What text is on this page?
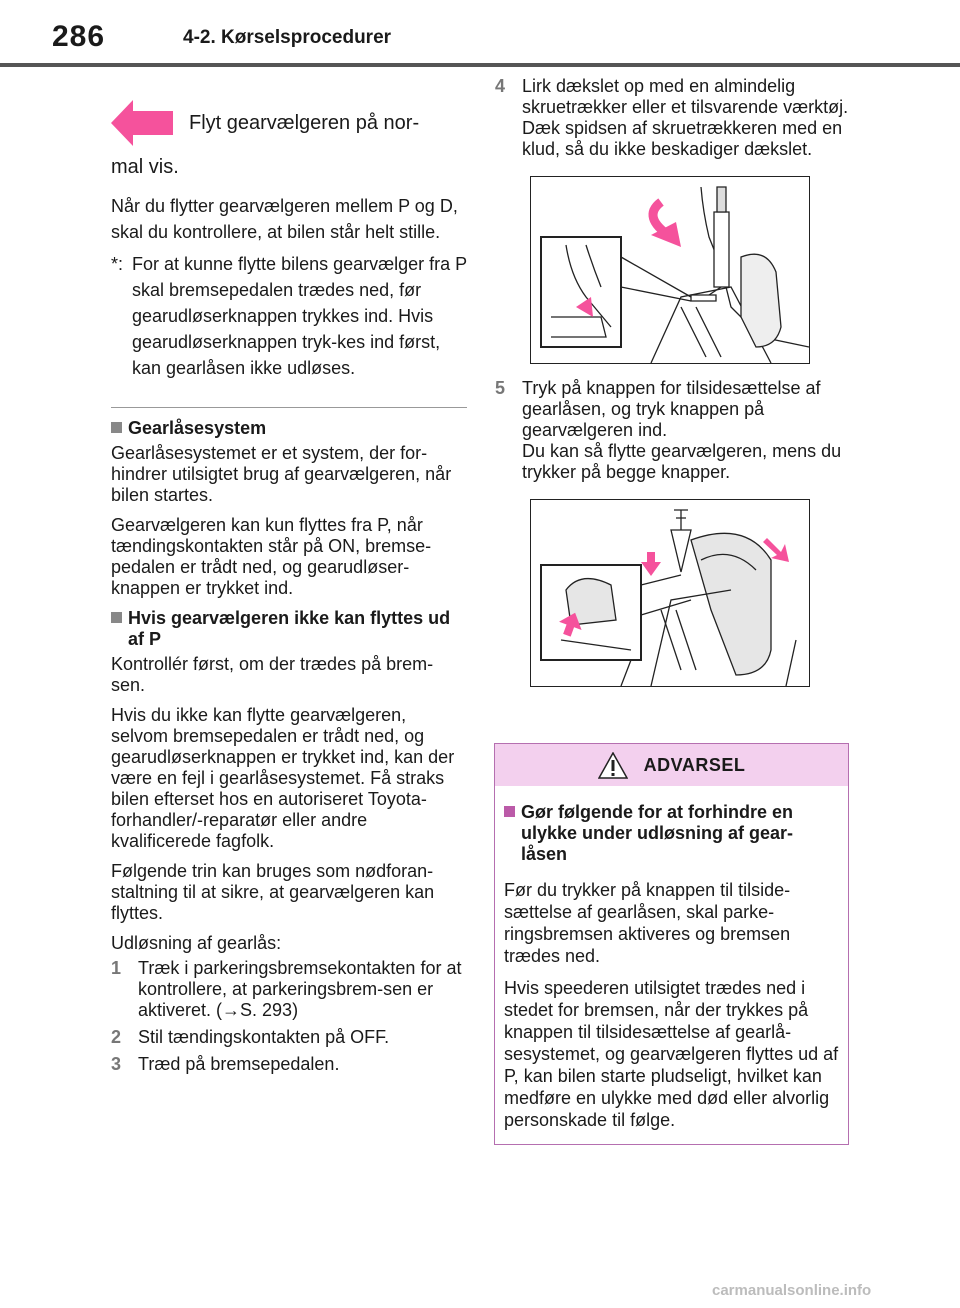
286	4-2. Kørselsprocedurer
Flyt gearvælgeren på nor-
mal vis.

Når du flytter gearvælgeren mellem P og D, skal du kontrollere, at bilen står helt stille.

*: For at kunne flytte bilens gearvælger fra P skal bremsepedalen trædes ned, før gearudløserknappen trykkes ind. Hvis gearudløserknappen tryk-kes ind først, kan gearlåsen ikke udløses.
Gearlåsesystem

Gearlåsesystemet er et system, der for-hindrer utilsigtet brug af gearvælgeren, når bilen startes.

Gearvælgeren kan kun flyttes fra P, når tændingskontakten står på ON, bremse-pedalen er trådt ned, og gearudløser-knappen er trykket ind.

Hvis gearvælgeren ikke kan flyttes ud af P

Kontrollér først, om der trædes på brem-sen.

Hvis du ikke kan flytte gearvælgeren, selvom bremsepedalen er trådt ned, og gearudløserknappen er trykket ind, kan der være en fejl i gearlåsesystemet. Få straks bilen efterset hos en autoriseret Toyota-forhandler/-reparatør eller andre kvalificerede fagfolk.

Følgende trin kan bruges som nødforan-staltning til at sikre, at gearvælgeren kan flyttes.

Udløsning af gearlås:

1 Træk i parkeringsbremsekontakten for at kontrollere, at parkeringsbrem-sen er aktiveret. (→S. 293)
2 Stil tændingskontakten på OFF.
3 Træd på bremsepedalen.
4 Lirk dækslet op med en almindelig skruetrækker eller et tilsvarende værktøj.
Dæk spidsen af skruetrækkeren med en klud, så du ikke beskadiger dækslet.
5 Tryk på knappen for tilsidesættelse af gearlåsen, og tryk knappen på gearvælgeren ind.
Du kan så flytte gearvælgeren, mens du trykker på begge knapper.
ADVARSEL
Gør følgende for at forhindre en ulykke under udløsning af gear-låsen

Før du trykker på knappen til tilside-sættelse af gearlåsen, skal parke-ringsbremsen aktiveres og bremsen trædes ned.

Hvis speederen utilsigtet trædes ned i stedet for bremsen, når der trykkes på knappen til tilsidesættelse af gearlå-sesystemet, og gearvælgeren flyttes ud af P, kan bilen starte pludseligt, hvilket kan medføre en ulykke med død eller alvorlig personskade til følge.

carmanualsonline.info
